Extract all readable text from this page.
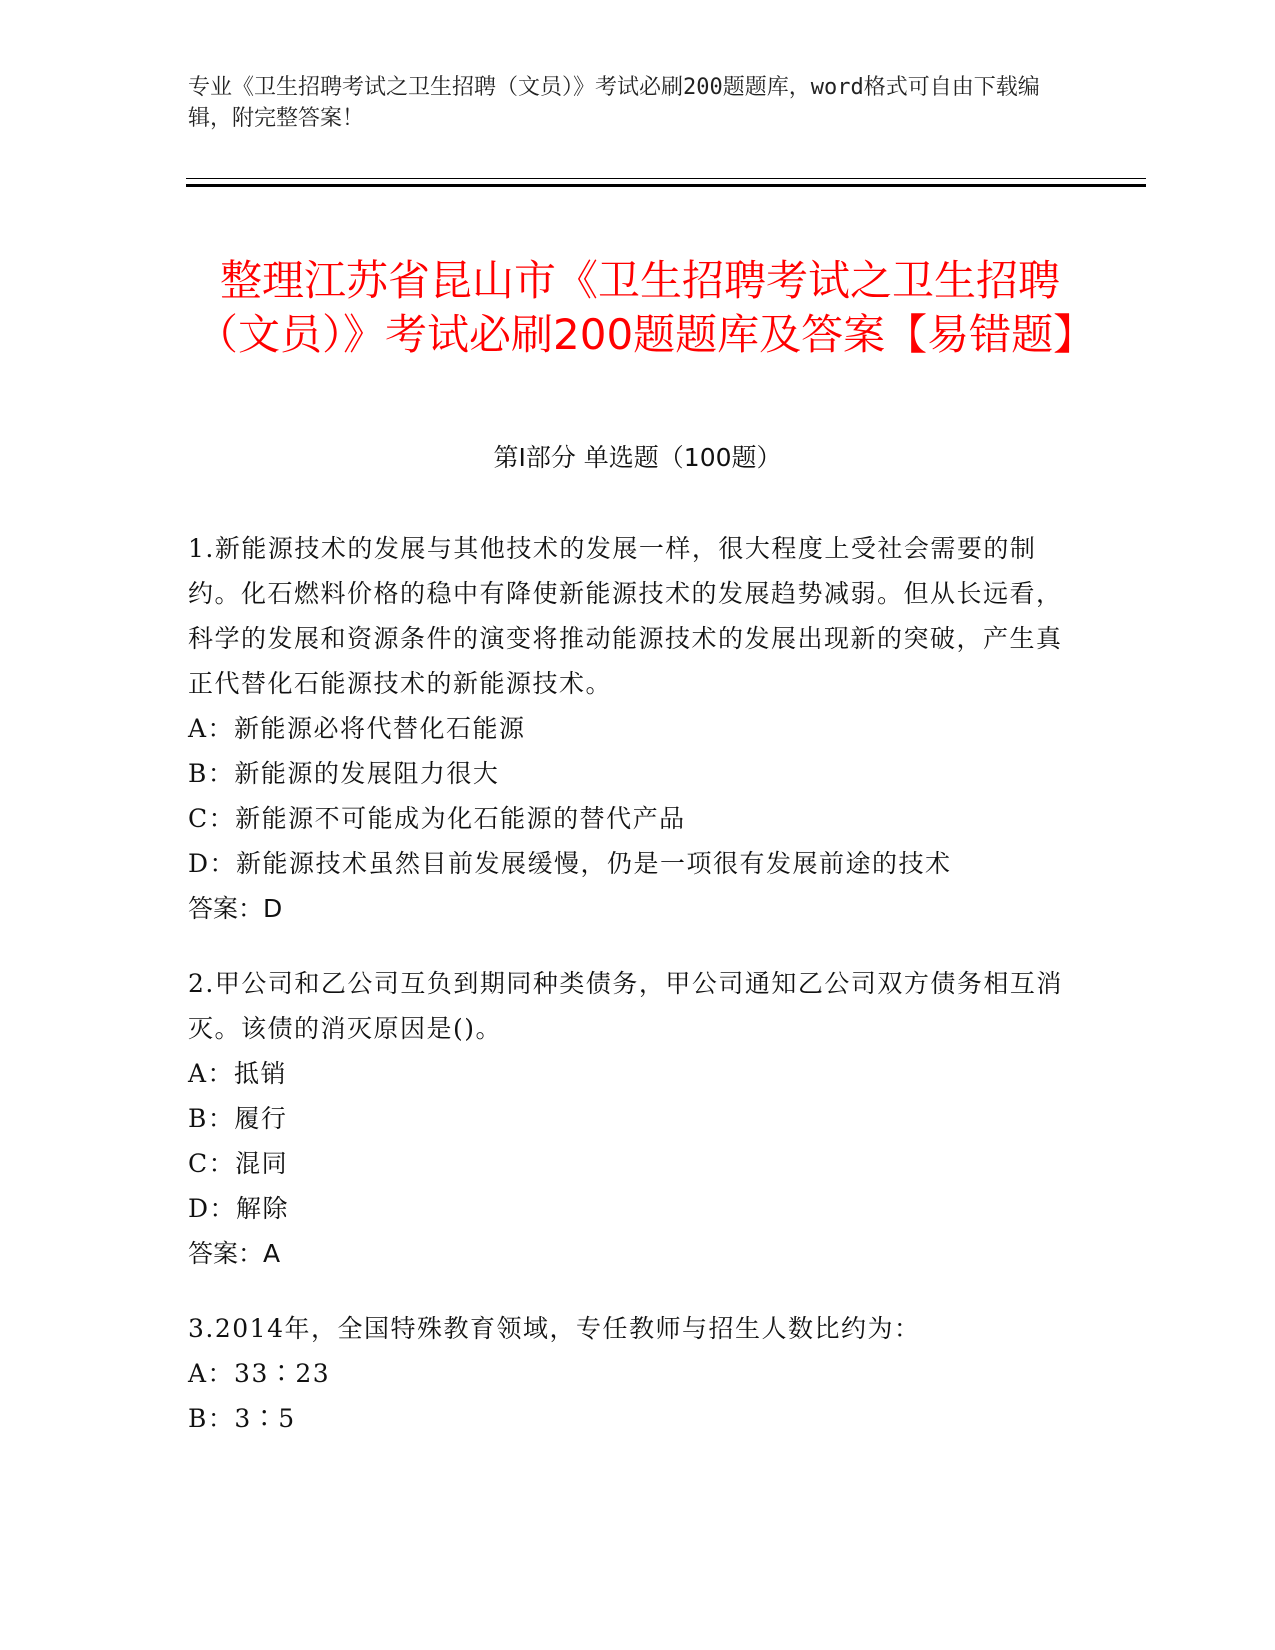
专业《卫生招聘考试之卫生招聘（文员）》考试必刷200题题库，word格式可自由下载编辑，附完整答案！
整理江苏省昆山市《卫生招聘考试之卫生招聘（文员）》考试必刷200题题库及答案【易错题】
第I部分 单选题（100题）

1.新能源技术的发展与其他技术的发展一样，很大程度上受社会需要的制约。化石燃料价格的稳中有降使新能源技术的发展趋势减弱。但从长远看，科学的发展和资源条件的演变将推动能源技术的发展出现新的突破，产生真正代替化石能源技术的新能源技术。

A：新能源必将代替化石能源

B：新能源的发展阻力很大

C：新能源不可能成为化石能源的替代产品

D：新能源技术虽然目前发展缓慢，仍是一项很有发展前途的技术

答案：D

2.甲公司和乙公司互负到期同种类债务，甲公司通知乙公司双方债务相互消灭。该债的消灭原因是()。

A：抵销

B：履行

C：混同

D：解除

答案：A

3.2014年，全国特殊教育领域，专任教师与招生人数比约为：

A：33∶23

B：3∶5
